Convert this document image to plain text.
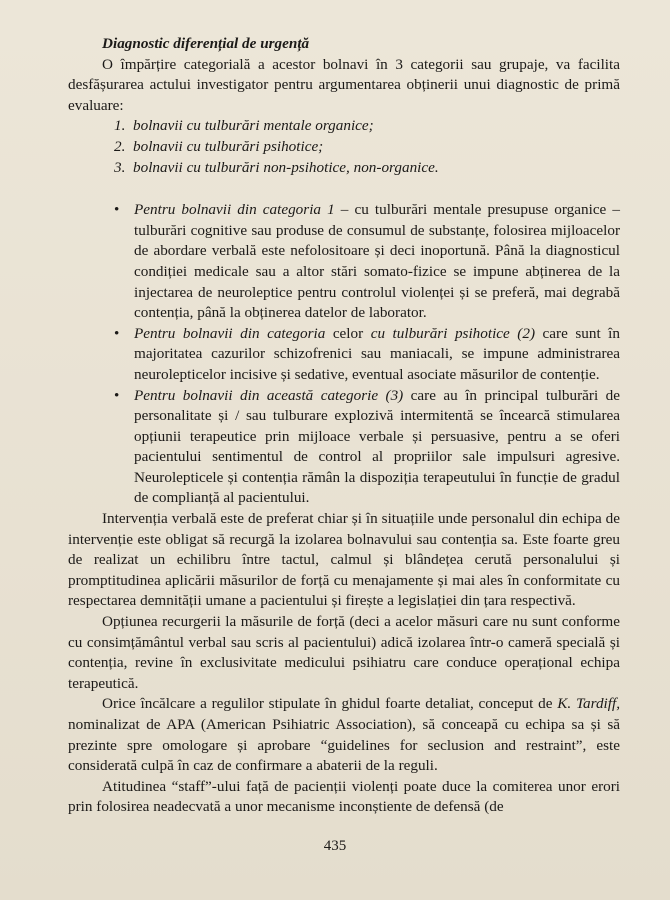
Diagnostic diferențial de urgență

O împărțire categorială a acestor bolnavi în 3 categorii sau grupaje, va facilita desfășurarea actului investigator pentru argumentarea obținerii unui diagnostic de primă evaluare:

1. bolnavii cu tulburări mentale organice;
2. bolnavii cu tulburări psihotice;
3. bolnavii cu tulburări non-psihotice, non-organice.
• Pentru bolnavii din categoria 1 – cu tulburări mentale presupuse organice – tulburări cognitive sau produse de consumul de substanțe, folosirea mijloacelor de abordare verbală este nefolositoare și deci inoportună. Până la diagnosticul condiției medicale sau a altor stări somato-fizice se impune abținerea de la injectarea de neuroleptice pentru controlul violenței și se preferă, mai degrabă contenția, până la obținerea datelor de laborator.
• Pentru bolnavii din categoria celor cu tulburări psihotice (2) care sunt în majoritatea cazurilor schizofrenici sau maniacali, se impune administrarea neurolepticelor incisive și sedative, eventual asociate măsurilor de contenție.
• Pentru bolnavii din această categorie (3) care au în principal tulburări de personalitate și / sau tulburare explozivă intermitentă se încearcă stimularea opțiunii terapeutice prin mijloace verbale și persuasive, pentru a se oferi pacientului sentimentul de control al propriilor sale impulsuri agresive. Neurolepticele și contenția rămân la dispoziția terapeutului în funcție de gradul de complianță al pacientului.

Intervenția verbală este de preferat chiar și în situațiile unde personalul din echipa de intervenție este obligat să recurgă la izolarea bolnavului sau contenția sa. Este foarte greu de realizat un echilibru între tactul, calmul și blândețea cerută personalului și promptitudinea aplicării măsurilor de forță cu menajamente și mai ales în conformitate cu respectarea demnității umane a pacientului și firește a legislației din țara respectivă.

Opțiunea recurgerii la măsurile de forță (deci a acelor măsuri care nu sunt conforme cu consimțământul verbal sau scris al pacientului) adică izolarea într-o cameră specială și contenția, revine în exclusivitate medicului psihiatru care conduce operațional echipa terapeutică.

Orice încălcare a regulilor stipulate în ghidul foarte detaliat, conceput de K. Tardiff, nominalizat de APA (American Psihiatric Association), să conceapă cu echipa sa și să prezinte spre omologare și aprobare “guidelines for seclusion and restraint”, este considerată culpă în caz de confirmare a abaterii de la reguli.

Atitudinea “staff”-ului față de pacienții violenți poate duce la comiterea unor erori prin folosirea neadecvată a unor mecanisme inconștiente de defensă (de

435
